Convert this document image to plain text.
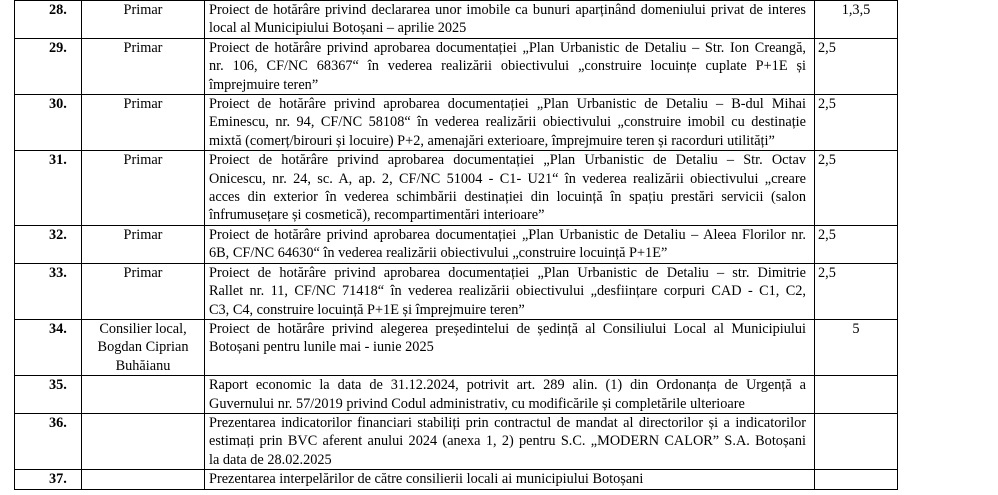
28.	Primar	Proiect de hotărâre privind declararea unor imobile ca bunuri aparținând domeniului privat de interes
local al Municipiului Botoșani – aprilie 2025	1,3,5
29.	Primar	Proiect de hotărâre privind aprobarea documentației „Plan Urbanistic de Detaliu – Str. Ion Creangă,
nr. 106, CF/NC 68367“ în vederea realizării obiectivului „construire locuințe cuplate P+1E și
împrejmuire teren”	2,5
30.	Primar	Proiect de hotărâre privind aprobarea documentației „Plan Urbanistic de Detaliu – B-dul Mihai
Eminescu, nr. 94, CF/NC 58108“ în vederea realizării obiectivului „construire imobil cu destinație
mixtă (comerț/birouri și locuire) P+2, amenajări exterioare, împrejmuire teren și racorduri utilități”	2,5
31.	Primar	Proiect de hotărâre privind aprobarea documentației „Plan Urbanistic de Detaliu – Str. Octav
Onicescu, nr. 24, sc. A, ap. 2, CF/NC 51004 - C1- U21“ în vederea realizării obiectivului „creare
acces din exterior în vederea schimbării destinației din locuință în spațiu prestări servicii (salon
înfrumusețare și cosmetică), recompartimentări interioare”	2,5
32.	Primar	Proiect de hotărâre privind aprobarea documentației „Plan Urbanistic de Detaliu – Aleea Florilor nr.
6B, CF/NC 64630“ în vederea realizării obiectivului „construire locuință P+1E”	2,5
33.	Primar	Proiect de hotărâre privind aprobarea documentației „Plan Urbanistic de Detaliu – str. Dimitrie
Rallet nr. 11, CF/NC 71418“ în vederea realizării obiectivului „desființare corpuri CAD - C1, C2,
C3, C4, construire locuință P+1E și împrejmuire teren”	2,5
34.	Consilier local,
Bogdan Ciprian
Buhăianu	Proiect de hotărâre privind alegerea președintelui de ședință al Consiliului Local al Municipiului
Botoșani pentru lunile mai - iunie 2025	5
35.		Raport economic la data de 31.12.2024, potrivit art. 289 alin. (1) din Ordonanța de Urgență a
Guvernului nr. 57/2019 privind Codul administrativ, cu modificările și completările ulterioare	

36.		Prezentarea indicatorilor financiari stabiliți prin contractul de mandat al directorilor și a indicatorilor
estimați prin BVC aferent anului 2024 (anexa 1, 2) pentru S.C. „MODERN CALOR” S.A. Botoșani
la data de 28.02.2025	

37.		Prezentarea interpelărilor de către consilierii locali ai municipiului Botoșani	
